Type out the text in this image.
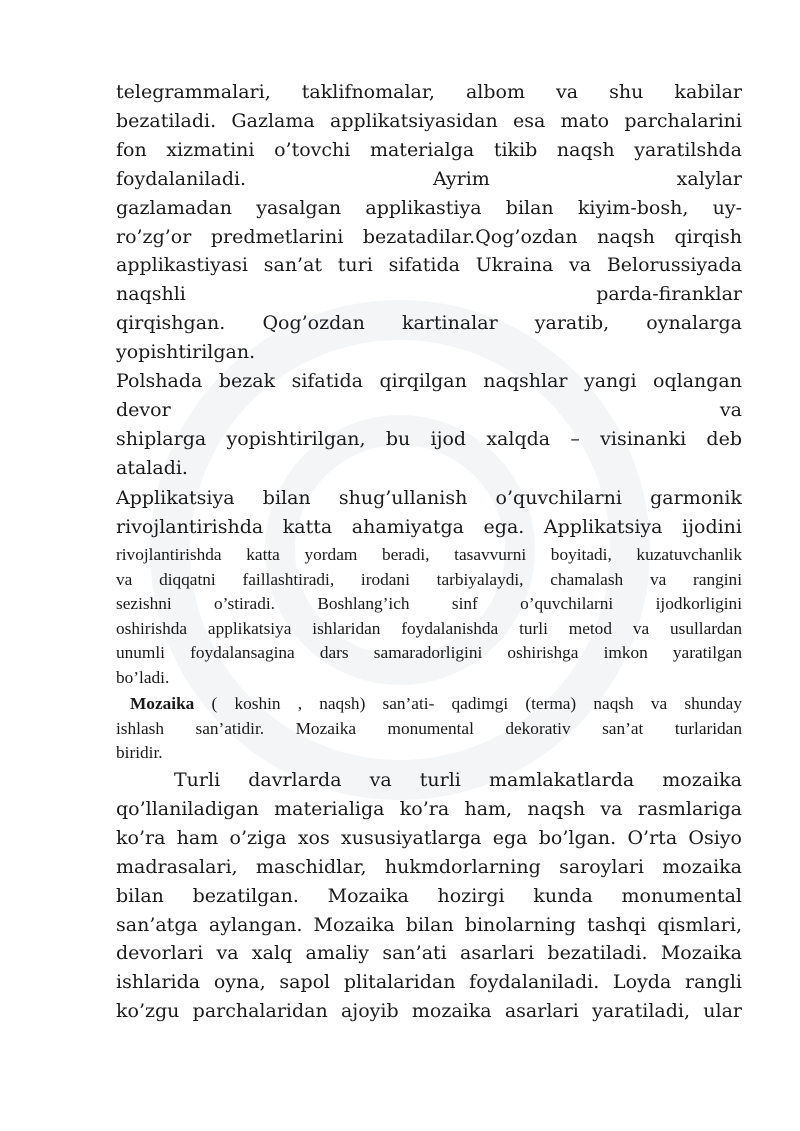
telegrammalari, taklifnomalar, albom va shu kabilar
bezatiladi. Gazlama applikatsiyasidan esa mato parchalarini
fon xizmatini o’tovchi materialga tikib naqsh yaratilshda
foydalaniladi. Ayrim xalylar
gazlamadan yasalgan applikastiya bilan kiyim-bosh, uy-
ro’zg’or predmetlarini bezatadilar.Qog’ozdan naqsh qirqish
applikastiyasi san’at turi sifatida Ukraina va Belorussiyada
naqshli parda-firanklar
qirqishgan. Qog’ozdan kartinalar yaratib, oynalarga
yopishtirilgan.
Polshada bezak sifatida qirqilgan naqshlar yangi oqlangan
devor va
shiplarga yopishtirilgan, bu ijod xalqda – visinanki deb
ataladi.
Applikatsiya bilan shug’ullanish o’quvchilarni garmonik
rivojlantirishda katta ahamiyatga ega. Applikatsiya ijodini
rivojlantirishda katta yordam beradi, tasavvurni boyitadi, kuzatuvchanlik
va diqqatni faillashtiradi, irodani tarbiyalaydi, chamalash va rangini
sezishni o’stiradi. Boshlang’ich sinf o’quvchilarni ijodkorligini
oshirishda applikatsiya ishlaridan foydalanishda turli metod va usullardan
unumli foydalansagina dars samaradorligini oshirishga imkon yaratilgan
bo’ladi.
Mozaika ( koshin , naqsh) san’ati- qadimgi (terma) naqsh va shunday
ishlash san’atidir. Mozaika monumental dekorativ san’at turlaridan
biridir.
Turli davrlarda va turli mamlakatlarda mozaika
qo’llaniladigan materialiga ko’ra ham, naqsh va rasmlariga
ko’ra ham o’ziga xos xususiyatlarga ega bo’lgan. O’rta Osiyo
madrasalari, maschidlar, hukmdorlarning saroylari mozaika
bilan bezatilgan. Mozaika hozirgi kunda monumental
san’atga aylangan. Mozaika bilan binolarning tashqi qismlari,
devorlari va xalq amaliy san’ati asarlari bezatiladi. Mozaika
ishlarida oyna, sapol plitalaridan foydalaniladi. Loyda rangli
ko’zgu parchalaridan ajoyib mozaika asarlari yaratiladi, ular
